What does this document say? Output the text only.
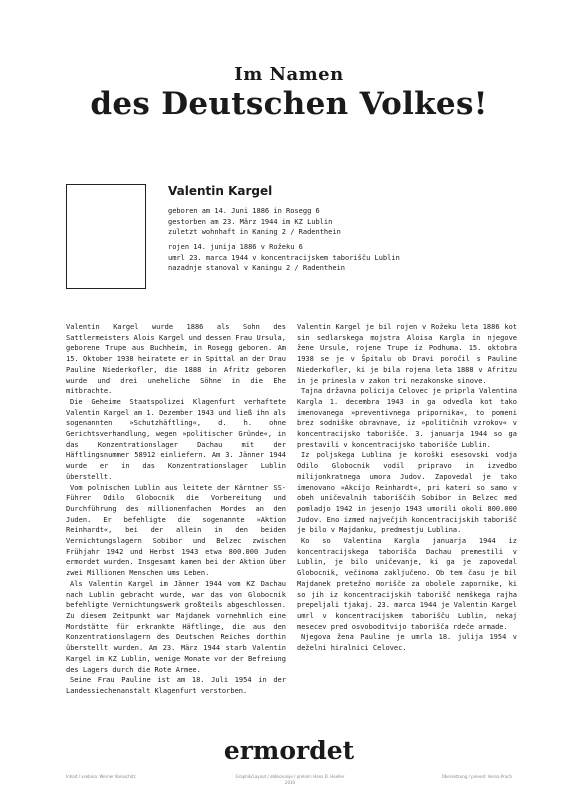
Im Namen
des Deutschen Volkes!
Valentin Kargel
geboren am 14. Juni 1886 in Rosegg 6
gestorben am 23. März 1944 im KZ Lublin
zuletzt wohnhaft in Kaning 2 / Radenthein
rojen 14. junija 1886 v Rožeku 6
umrl 23. marca 1944 v koncentracijskem taborišču Lublin
nazadnje stanoval v Kaningu 2 / Radenthein

Valentin Kargel wurde 1886 als Sohn des Sattlermeisters Alois Kargel und dessen Frau Ursula, geborene Trupe aus Buchheim, in Rosegg geboren. Am 15. Oktober 1938 heiratete er in Spittal an der Drau Pauline Niederkofler, die 1888 in Afritz geboren wurde und drei uneheliche Söhne in die Ehe mitbrachte.

Die Geheime Staatspolizei Klagenfurt verhaftete Valentin Kargel am 1. Dezember 1943 und ließ ihn als sogenannten »Schutzhäftling«, d. h. ohne Gerichtsverhandlung, wegen »politischer Gründe«, in das Konzentrationslager Dachau mit der Häftlingsnummer 58912 einliefern. Am 3. Jänner 1944 wurde er in das Konzentrationslager Lublin überstellt.

Vom polnischen Lublin aus leitete der Kärntner SS-Führer Odilo Globocnik die Vorbereitung und Durchführung des millionenfachen Mordes an den Juden. Er befehligte die sogenannte »Aktion Reinhardt«, bei der allein in den beiden Vernichtungslagern Sobibor und Belzec zwischen Frühjahr 1942 und Herbst 1943 etwa 800.000 Juden ermordet wurden. Insgesamt kamen bei der Aktion über zwei Millionen Menschen ums Leben.

Als Valentin Kargel im Jänner 1944 vom KZ Dachau nach Lublin gebracht wurde, war das von Globocnik befehligte Vernichtungswerk großteils abgeschlossen. Zu diesem Zeitpunkt war Majdanek vornehmlich eine Mordstätte für erkrankte Häftlinge, die aus den Konzentrationslagern des Deutschen Reiches dorthin überstellt wurden. Am 23. März 1944 starb Valentin Kargel im KZ Lublin, wenige Monate vor der Befreiung des Lagers durch die Rote Armee.

Seine Frau Pauline ist am 18. Juli 1954 in der Landessiechenanstalt Klagenfurt verstorben.

Valentin Kargel je bil rojen v Rožeku leta 1886 kot sin sedlarskega mojstra Aloisa Kargla in njegove žene Ursule, rojene Trupe iz Podhuma. 15. oktobra 1938 se je v Špitalu ob Dravi poročil s Pauline Niederkofler, ki je bila rojena leta 1888 v Afritzu in je prinesla v zakon tri nezakonske sinove.

Tajna državna policija Celovec je priprla Valentina Kargla 1. decembra 1943 in ga odvedla kot tako imenovanega »preventivnega pripornika«, to pomeni brez sodniške obravnave, iz »političnih vzrokov« v koncentracijsko taborišče. 3. januarja 1944 so ga prestavili v koncentracijsko taborišče Lublin.

Iz poljskega Lublina je koroški esesovski vodja Odilo Globocnik vodil pripravo in izvedbo milijonkratnega umora Judov. Zapovedal je tako imenovano »Akcijo Reinhardt«, pri kateri so samo v obeh uničevalnih taboriščih Sobibor in Belzec med pomladjo 1942 in jesenjo 1943 umorili okoli 800.000 Judov. Eno izmed največjih koncentracijskih taborišč je bilo v Majdanku, predmestju Lublina.

Ko so Valentina Kargla januarja 1944 iz koncentracijskega taborišča Dachau premestili v Lublin, je bilo uničevanje, ki ga je zapovedal Globocnik, večinoma zaključeno. Ob tem času je bil Majdanek pretežno morišče za obolele zapornike, ki so jih iz koncentracijskih taborišč nemškega rajha prepeljali tjakaj. 23. marca 1944 je Valentin Kargel umrl v koncentracijskem taborišču Lublin, nekaj mesecev pred osvoboditvijo taborišča rdeče armade.

Njegova žena Pauline je umrla 18. julija 1954 v deželni hiralnici Celovec.

ermordet
Inhalt / vsebina: Werner Koroschitz	Graphik/Layout / oblikovanje / prelom: Hans D. Hoeller
2010
Übersetzung / prevod: Vesna Prach
